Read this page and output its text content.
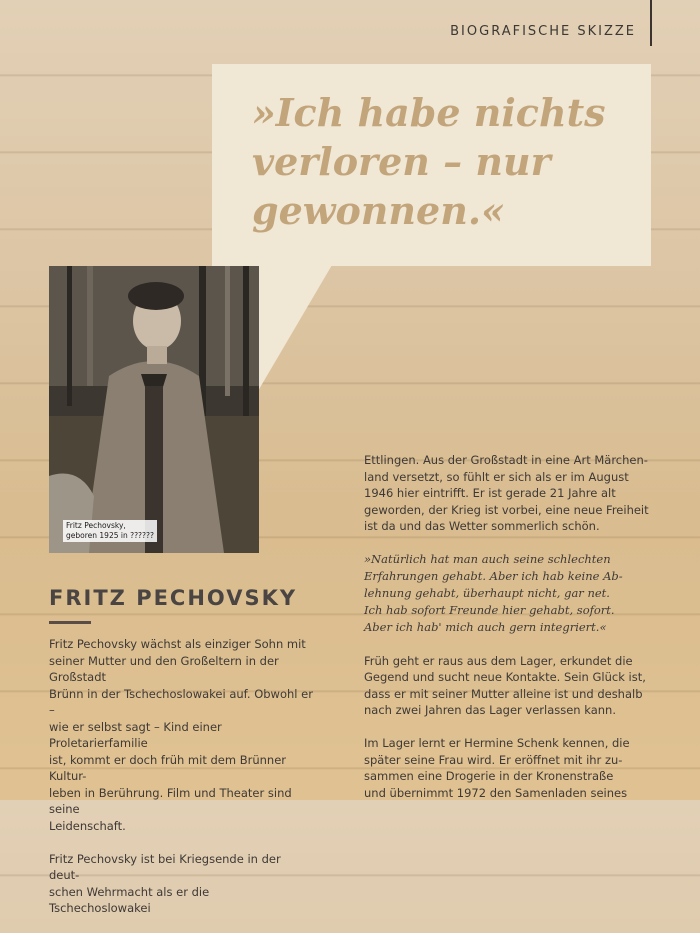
BIOGRAFISCHE SKIZZE

»Ich habe nichts
verloren – nur
gewonnen.«

Fritz Pechovsky,
geboren 1925 in ??????
FRITZ PECHOVSKY

Fritz Pechovsky wächst als einziger Sohn mit
seiner Mutter und den Großeltern in der Großstadt
Brünn in der Tschechoslowakei auf. Obwohl er –
wie er selbst sagt – Kind einer Proletarierfamilie
ist, kommt er doch früh mit dem Brünner Kultur-
leben in Berührung. Film und Theater sind seine
Leidenschaft.

Fritz Pechovsky ist bei Kriegsende in der deut-
schen Wehrmacht als er die Tschechoslowakei

Ettlingen. Aus der Großstadt in eine Art Märchen-
land versetzt, so fühlt er sich als er im August
1946 hier eintrifft. Er ist gerade 21 Jahre alt
geworden, der Krieg ist vorbei, eine neue Freiheit
ist da und das Wetter sommerlich schön.

»Natürlich hat man auch seine schlechten
Erfahrungen gehabt. Aber ich hab keine Ab-
lehnung gehabt, überhaupt nicht, gar net.
Ich hab sofort Freunde hier gehabt, sofort.
Aber ich hab' mich auch gern integriert.«

Früh geht er raus aus dem Lager, erkundet die
Gegend und sucht neue Kontakte. Sein Glück ist,
dass er mit seiner Mutter alleine ist und deshalb
nach zwei Jahren das Lager verlassen kann.

Im Lager lernt er Hermine Schenk kennen, die
später seine Frau wird. Er eröffnet mit ihr zu-
sammen eine Drogerie in der Kronenstraße
und übernimmt 1972 den Samenladen seines
